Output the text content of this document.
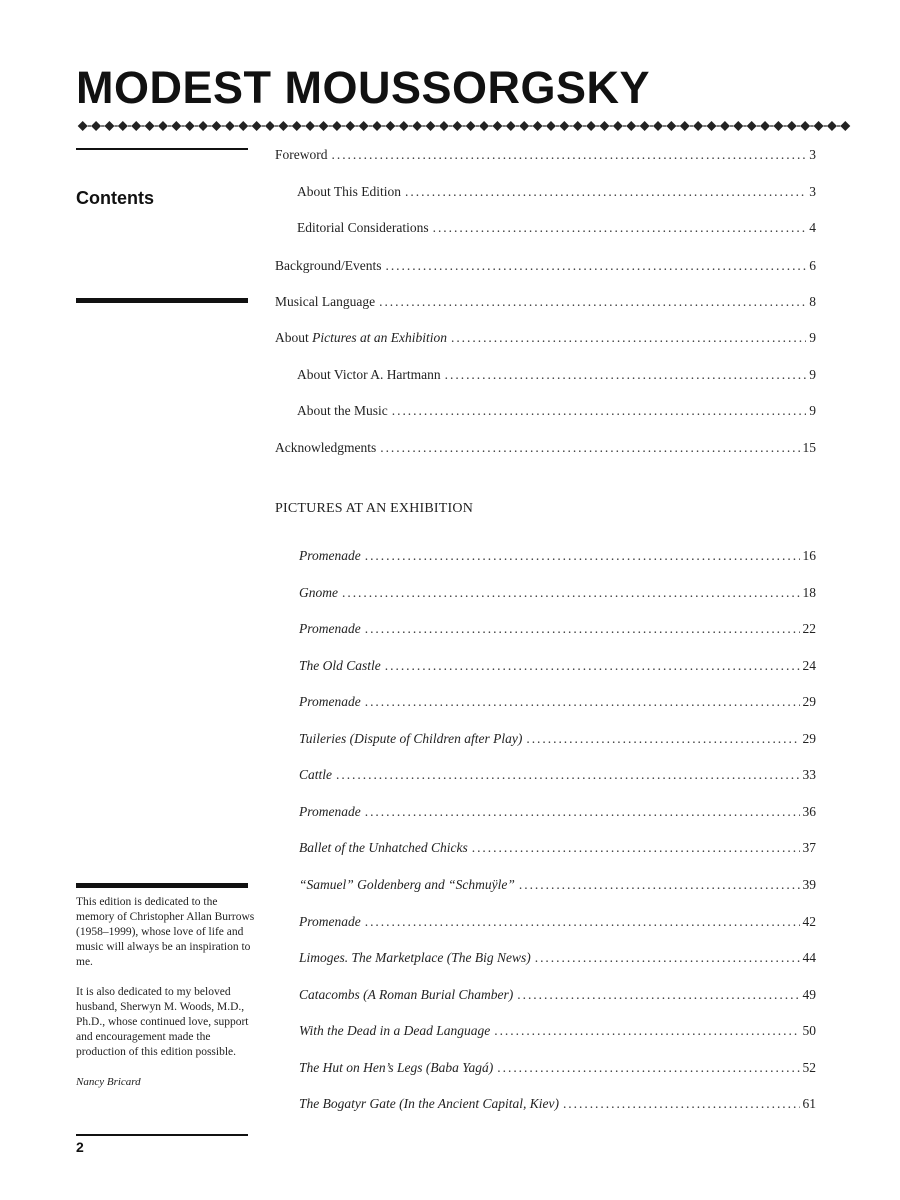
MODEST MOUSSORGSKY
Contents

This edition is dedicated to the memory of Christopher Allan Burrows (1958–1999), whose love of life and music will always be an inspiration to me.

It is also dedicated to my beloved husband, Sherwyn M. Woods, M.D., Ph.D., whose continued love, support and encouragement made the production of this edition possible.

Nancy Bricard

2
Foreword . . .	3
About This Edition . . .	3
Editorial Considerations . . .	4
Background/Events . . .	6
Musical Language . . .	8
About Pictures at an Exhibition . . .	9
About Victor A. Hartmann . . .	9
About the Music . . .	9
Acknowledgments . . .	15
PICTURES AT AN EXHIBITION
Promenade . . .	16
Gnome . . .	18
Promenade . . .	22
The Old Castle . . .	24
Promenade . . .	29
Tuileries (Dispute of Children after Play) . . .	29
Cattle . . .	33
Promenade . . .	36
Ballet of the Unhatched Chicks . . .	37
“Samuel” Goldenberg and “Schmuÿle” . . .	39
Promenade . . .	42
Limoges. The Marketplace (The Big News) . . .	44
Catacombs (A Roman Burial Chamber) . . .	49
With the Dead in a Dead Language . . .	50
The Hut on Hen’s Legs (Baba Yagá) . . .	52
The Bogatyr Gate (In the Ancient Capital, Kiev) . . .	61
